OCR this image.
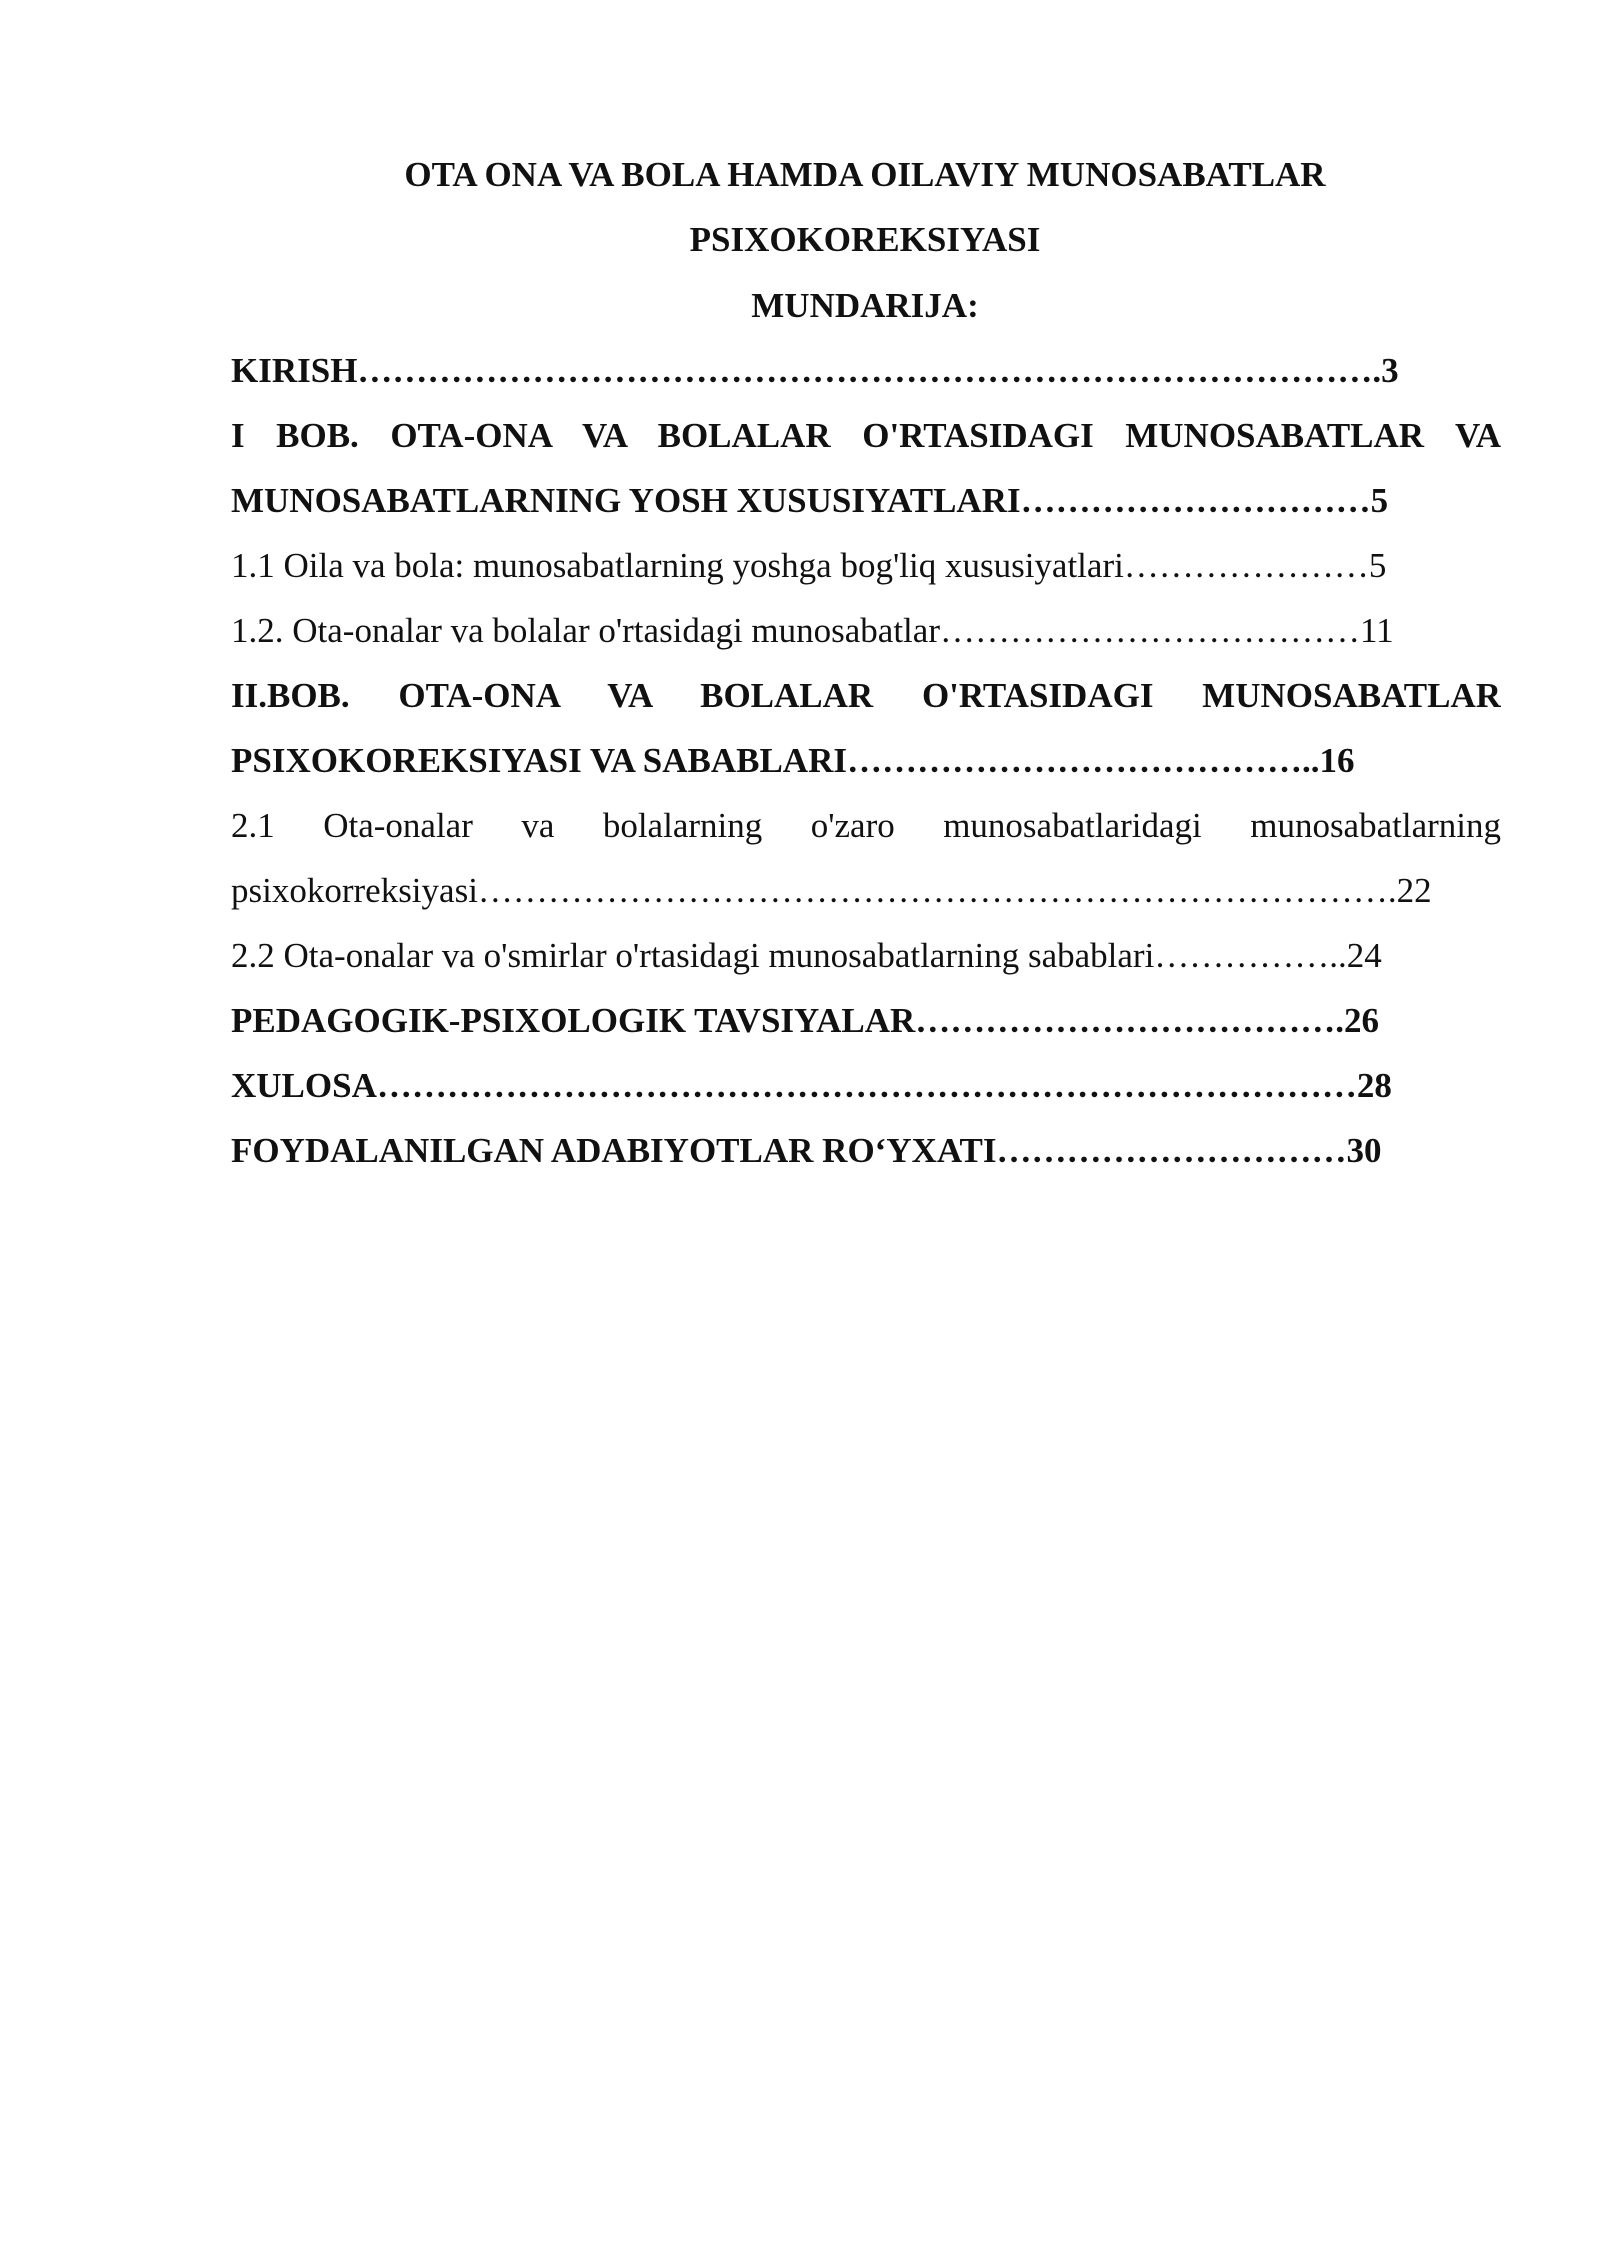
OTA ONA VA BOLA HAMDA OILAVIY MUNOSABATLAR
PSIXOKOREKSIYASI
MUNDARIJA:
KIRISH…………………………………………………………………………….3
I BOB. OTA-ONA VA BOLALAR O'RTASIDAGI MUNOSABATLAR VA
MUNOSABATLARNING YOSH XUSUSIYATLARI…………………………5
1.1 Oila va bola: munosabatlarning yoshga bog'liq xususiyatlari…………………5
1.2. Ota-onalar va bolalar o'rtasidagi munosabatlar………………………………11
II.BOB. OTA-ONA VA BOLALAR O'RTASIDAGI MUNOSABATLAR
PSIXOKOREKSIYASI VA SABABLARI…………………………………..16
2.1 Ota-onalar va bolalarning o'zaro munosabatlaridagi munosabatlarning
psixokorreksiyasi…………………………………………………………………….22
2.2 Ota-onalar va o'smirlar o'rtasidagi munosabatlarning sabablari……………..24
PEDAGOGIK-PSIXOLOGIK TAVSIYALAR……………………………….26
XULOSA…………………………………………………………………………28
FOYDALANILGAN ADABIYOTLAR RO‘YXATI…………………………30
